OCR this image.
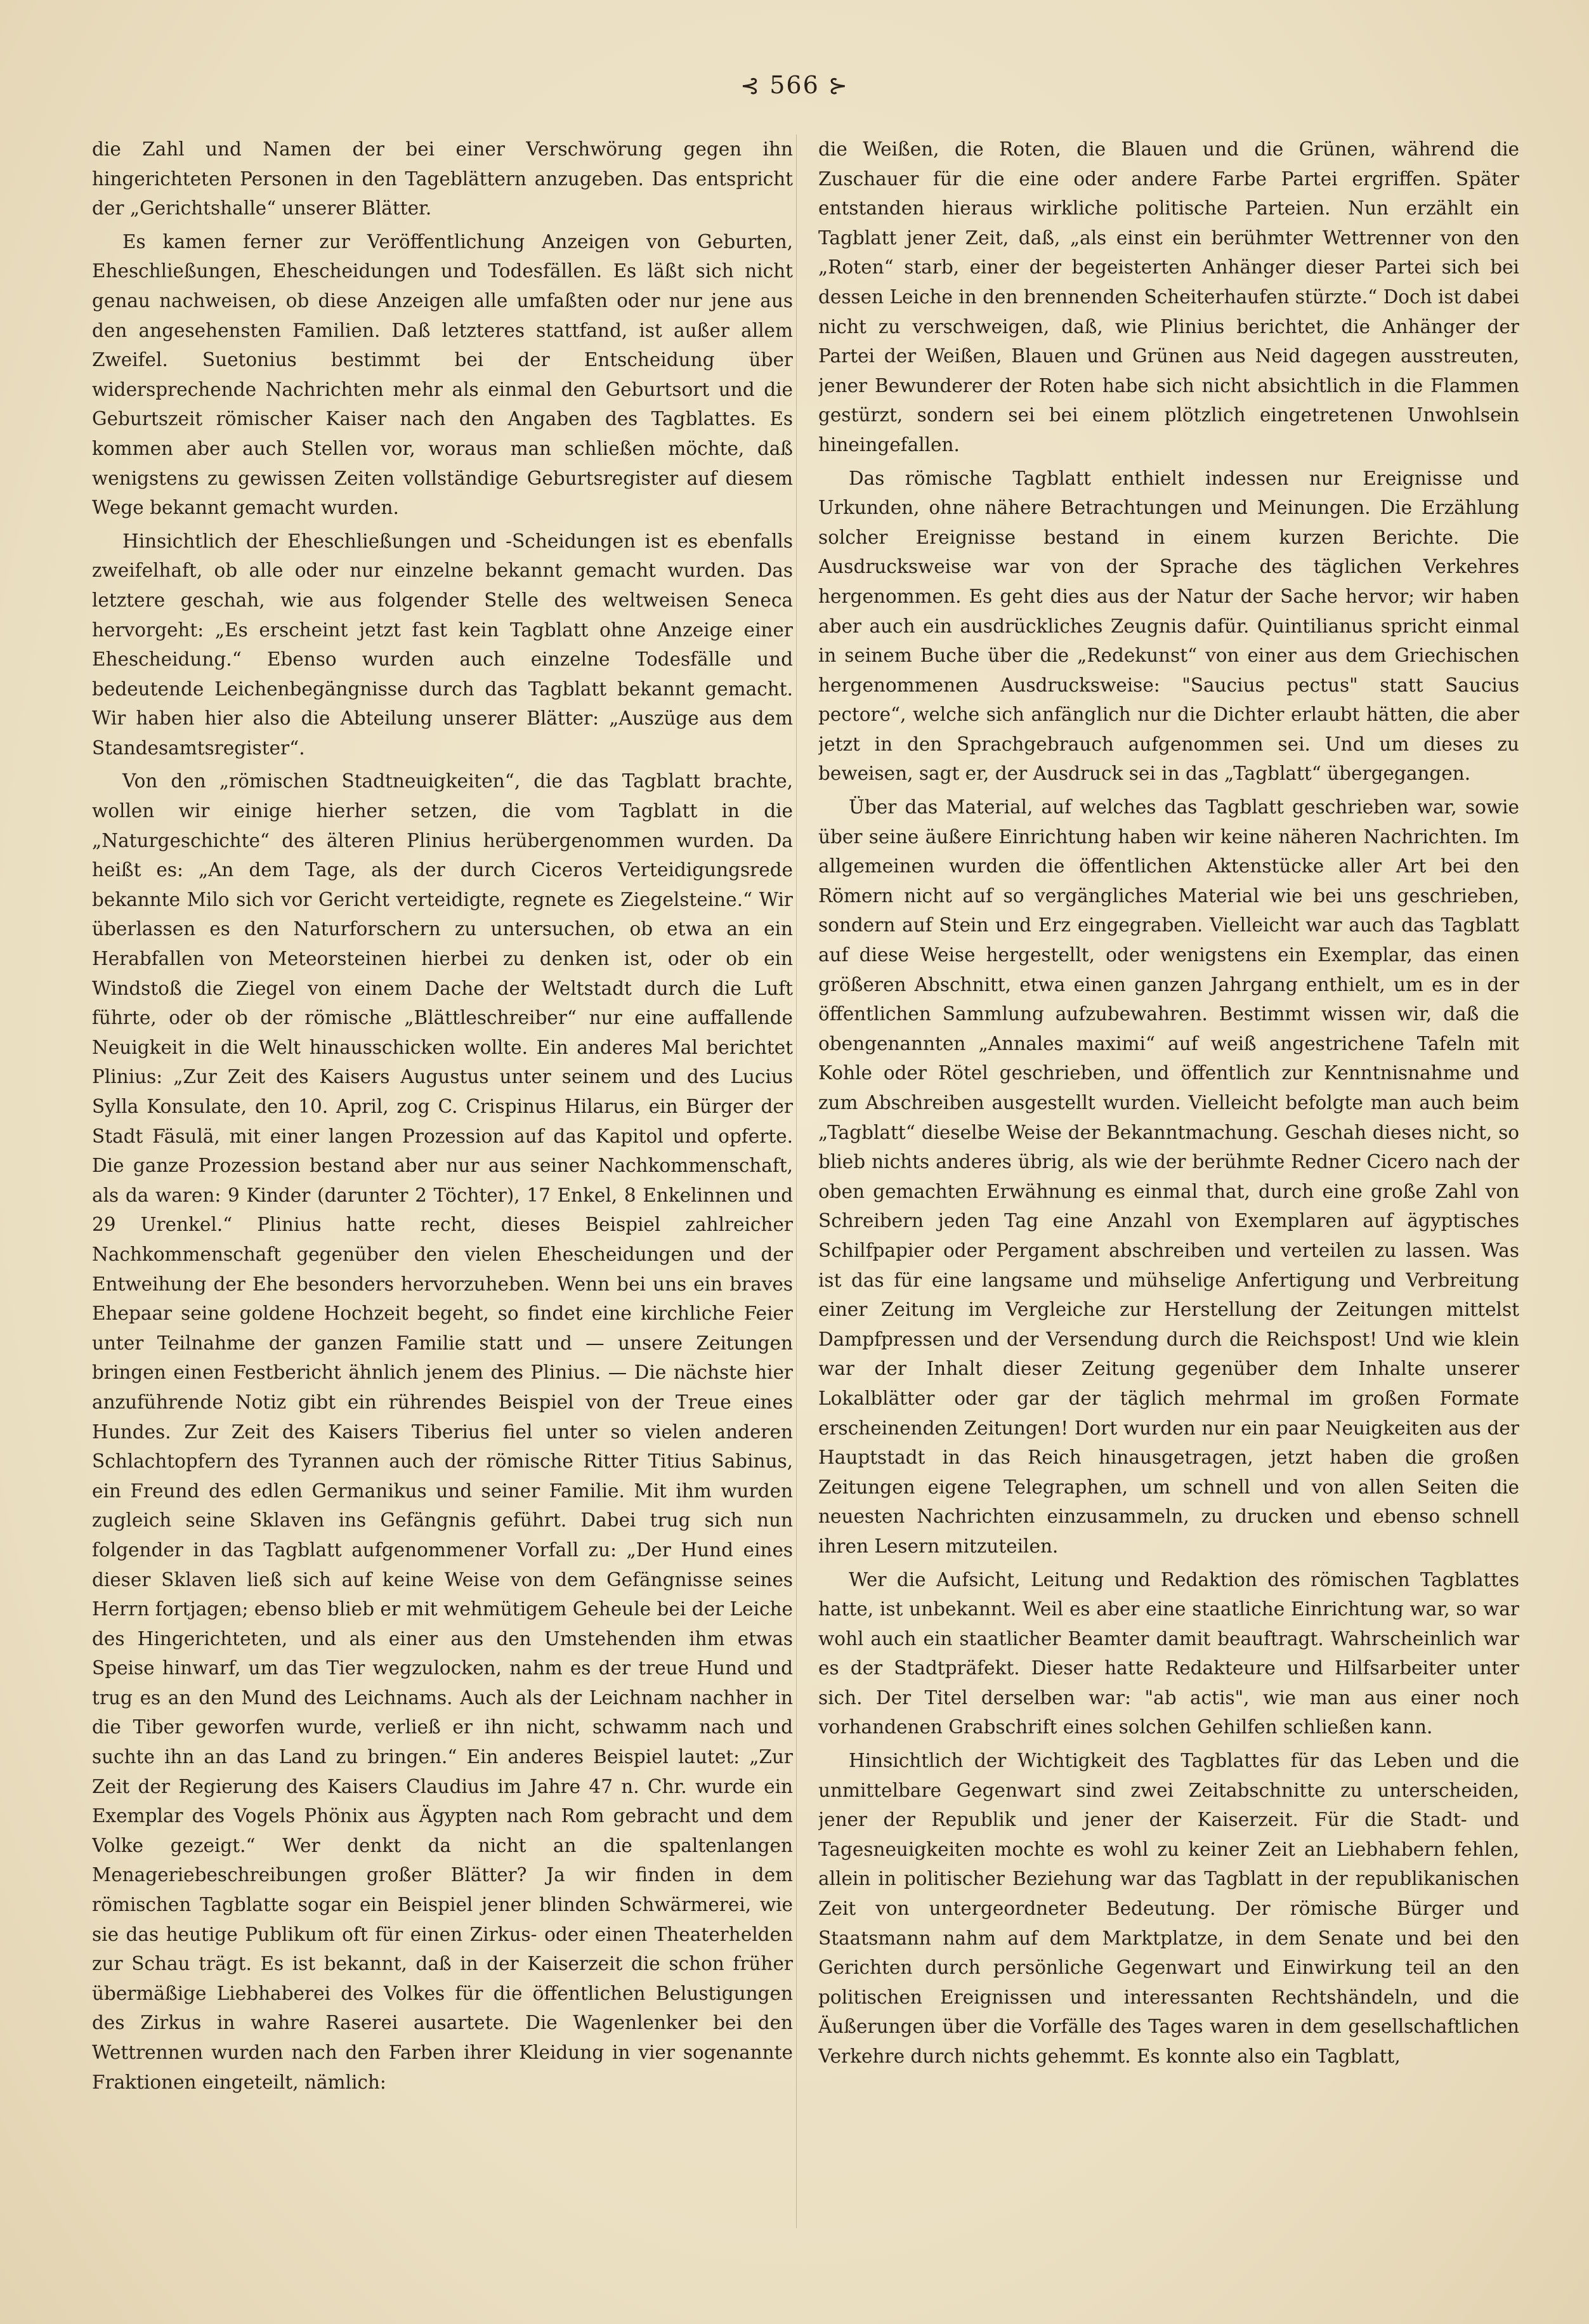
⊰ 566 ⊱

die Zahl und Namen der bei einer Verschwörung gegen ihn hingerichteten Personen in den Tageblättern anzugeben. Das entspricht der „Gerichtshalle“ unserer Blätter.

Es kamen ferner zur Veröffentlichung Anzeigen von Geburten, Eheschließungen, Ehescheidungen und Todesfällen. Es läßt sich nicht genau nachweisen, ob diese Anzeigen alle umfaßten oder nur jene aus den angesehensten Familien. Daß letzteres stattfand, ist außer allem Zweifel. Suetonius bestimmt bei der Entscheidung über widersprechende Nachrichten mehr als einmal den Geburtsort und die Geburtszeit römischer Kaiser nach den Angaben des Tagblattes. Es kommen aber auch Stellen vor, woraus man schließen möchte, daß wenigstens zu gewissen Zeiten vollständige Geburtsregister auf diesem Wege bekannt gemacht wurden.

Hinsichtlich der Eheschließungen und -Scheidungen ist es ebenfalls zweifelhaft, ob alle oder nur einzelne bekannt gemacht wurden. Das letztere geschah, wie aus folgender Stelle des weltweisen Seneca hervorgeht: „Es erscheint jetzt fast kein Tagblatt ohne Anzeige einer Ehescheidung.“ Ebenso wurden auch einzelne Todesfälle und bedeutende Leichenbegängnisse durch das Tagblatt bekannt gemacht. Wir haben hier also die Abteilung unserer Blätter: „Auszüge aus dem Standesamtsregister“.

Von den „römischen Stadtneuigkeiten“, die das Tagblatt brachte, wollen wir einige hierher setzen, die vom Tagblatt in die „Naturgeschichte“ des älteren Plinius herübergenommen wurden. Da heißt es: „An dem Tage, als der durch Ciceros Verteidigungsrede bekannte Milo sich vor Gericht verteidigte, regnete es Ziegelsteine.“ Wir überlassen es den Naturforschern zu untersuchen, ob etwa an ein Herabfallen von Meteorsteinen hierbei zu denken ist, oder ob ein Windstoß die Ziegel von einem Dache der Weltstadt durch die Luft führte, oder ob der römische „Blättleschreiber“ nur eine auffallende Neuigkeit in die Welt hinausschicken wollte. Ein anderes Mal berichtet Plinius: „Zur Zeit des Kaisers Augustus unter seinem und des Lucius Sylla Konsulate, den 10. April, zog C. Crispinus Hilarus, ein Bürger der Stadt Fäsulä, mit einer langen Prozession auf das Kapitol und opferte. Die ganze Prozession bestand aber nur aus seiner Nachkommenschaft, als da waren: 9 Kinder (darunter 2 Töchter), 17 Enkel, 8 Enkelinnen und 29 Urenkel.“ Plinius hatte recht, dieses Beispiel zahlreicher Nachkommenschaft gegenüber den vielen Ehescheidungen und der Entweihung der Ehe besonders hervorzuheben. Wenn bei uns ein braves Ehepaar seine goldene Hochzeit begeht, so findet eine kirchliche Feier unter Teilnahme der ganzen Familie statt und — unsere Zeitungen bringen einen Festbericht ähnlich jenem des Plinius. — Die nächste hier anzuführende Notiz gibt ein rührendes Beispiel von der Treue eines Hundes. Zur Zeit des Kaisers Tiberius fiel unter so vielen anderen Schlachtopfern des Tyrannen auch der römische Ritter Titius Sabinus, ein Freund des edlen Germanikus und seiner Familie. Mit ihm wurden zugleich seine Sklaven ins Gefängnis geführt. Dabei trug sich nun folgender in das Tagblatt aufgenommener Vorfall zu: „Der Hund eines dieser Sklaven ließ sich auf keine Weise von dem Gefängnisse seines Herrn fortjagen; ebenso blieb er mit wehmütigem Geheule bei der Leiche des Hingerichteten, und als einer aus den Umstehenden ihm etwas Speise hinwarf, um das Tier wegzulocken, nahm es der treue Hund und trug es an den Mund des Leichnams. Auch als der Leichnam nachher in die Tiber geworfen wurde, verließ er ihn nicht, schwamm nach und suchte ihn an das Land zu bringen.“ Ein anderes Beispiel lautet: „Zur Zeit der Regierung des Kaisers Claudius im Jahre 47 n. Chr. wurde ein Exemplar des Vogels Phönix aus Ägypten nach Rom gebracht und dem Volke gezeigt.“ Wer denkt da nicht an die spaltenlangen Menageriebeschreibungen großer Blätter? Ja wir finden in dem römischen Tagblatte sogar ein Beispiel jener blinden Schwärmerei, wie sie das heutige Publikum oft für einen Zirkus- oder einen Theaterhelden zur Schau trägt. Es ist bekannt, daß in der Kaiserzeit die schon früher übermäßige Liebhaberei des Volkes für die öffentlichen Belustigungen des Zirkus in wahre Raserei ausartete. Die Wagenlenker bei den Wettrennen wurden nach den Farben ihrer Kleidung in vier sogenannte Fraktionen eingeteilt, nämlich:

die Weißen, die Roten, die Blauen und die Grünen, während die Zuschauer für die eine oder andere Farbe Partei ergriffen. Später entstanden hieraus wirkliche politische Parteien. Nun erzählt ein Tagblatt jener Zeit, daß, „als einst ein berühmter Wettrenner von den „Roten“ starb, einer der begeisterten Anhänger dieser Partei sich bei dessen Leiche in den brennenden Scheiterhaufen stürzte.“ Doch ist dabei nicht zu verschweigen, daß, wie Plinius berichtet, die Anhänger der Partei der Weißen, Blauen und Grünen aus Neid dagegen ausstreuten, jener Bewunderer der Roten habe sich nicht absichtlich in die Flammen gestürzt, sondern sei bei einem plötzlich eingetretenen Unwohlsein hineingefallen.

Das römische Tagblatt enthielt indessen nur Ereignisse und Urkunden, ohne nähere Betrachtungen und Meinungen. Die Erzählung solcher Ereignisse bestand in einem kurzen Berichte. Die Ausdrucksweise war von der Sprache des täglichen Verkehres hergenommen. Es geht dies aus der Natur der Sache hervor; wir haben aber auch ein ausdrückliches Zeugnis dafür. Quintilianus spricht einmal in seinem Buche über die „Redekunst“ von einer aus dem Griechischen hergenommenen Ausdrucksweise: "Saucius pectus" statt Saucius pectore“, welche sich anfänglich nur die Dichter erlaubt hätten, die aber jetzt in den Sprachgebrauch aufgenommen sei. Und um dieses zu beweisen, sagt er, der Ausdruck sei in das „Tagblatt“ übergegangen.

Über das Material, auf welches das Tagblatt geschrieben war, sowie über seine äußere Einrichtung haben wir keine näheren Nachrichten. Im allgemeinen wurden die öffentlichen Aktenstücke aller Art bei den Römern nicht auf so vergängliches Material wie bei uns geschrieben, sondern auf Stein und Erz eingegraben. Vielleicht war auch das Tagblatt auf diese Weise hergestellt, oder wenigstens ein Exemplar, das einen größeren Abschnitt, etwa einen ganzen Jahrgang enthielt, um es in der öffentlichen Sammlung aufzubewahren. Bestimmt wissen wir, daß die obengenannten „Annales maximi“ auf weiß angestrichene Tafeln mit Kohle oder Rötel geschrieben, und öffentlich zur Kenntnisnahme und zum Abschreiben ausgestellt wurden. Vielleicht befolgte man auch beim „Tagblatt“ dieselbe Weise der Bekanntmachung. Geschah dieses nicht, so blieb nichts anderes übrig, als wie der berühmte Redner Cicero nach der oben gemachten Erwähnung es einmal that, durch eine große Zahl von Schreibern jeden Tag eine Anzahl von Exemplaren auf ägyptisches Schilfpapier oder Pergament abschreiben und verteilen zu lassen. Was ist das für eine langsame und mühselige Anfertigung und Verbreitung einer Zeitung im Vergleiche zur Herstellung der Zeitungen mittelst Dampfpressen und der Versendung durch die Reichspost! Und wie klein war der Inhalt dieser Zeitung gegenüber dem Inhalte unserer Lokalblätter oder gar der täglich mehrmal im großen Formate erscheinenden Zeitungen! Dort wurden nur ein paar Neuigkeiten aus der Hauptstadt in das Reich hinausgetragen, jetzt haben die großen Zeitungen eigene Telegraphen, um schnell und von allen Seiten die neuesten Nachrichten einzusammeln, zu drucken und ebenso schnell ihren Lesern mitzuteilen.

Wer die Aufsicht, Leitung und Redaktion des römischen Tagblattes hatte, ist unbekannt. Weil es aber eine staatliche Einrichtung war, so war wohl auch ein staatlicher Beamter damit beauftragt. Wahrscheinlich war es der Stadtpräfekt. Dieser hatte Redakteure und Hilfsarbeiter unter sich. Der Titel derselben war: "ab actis", wie man aus einer noch vorhandenen Grabschrift eines solchen Gehilfen schließen kann.

Hinsichtlich der Wichtigkeit des Tagblattes für das Leben und die unmittelbare Gegenwart sind zwei Zeitabschnitte zu unterscheiden, jener der Republik und jener der Kaiserzeit. Für die Stadt- und Tagesneuigkeiten mochte es wohl zu keiner Zeit an Liebhabern fehlen, allein in politischer Beziehung war das Tagblatt in der republikanischen Zeit von untergeordneter Bedeutung. Der römische Bürger und Staatsmann nahm auf dem Marktplatze, in dem Senate und bei den Gerichten durch persönliche Gegenwart und Einwirkung teil an den politischen Ereignissen und interessanten Rechtshändeln, und die Äußerungen über die Vorfälle des Tages waren in dem gesellschaftlichen Verkehre durch nichts gehemmt. Es konnte also ein Tagblatt,
